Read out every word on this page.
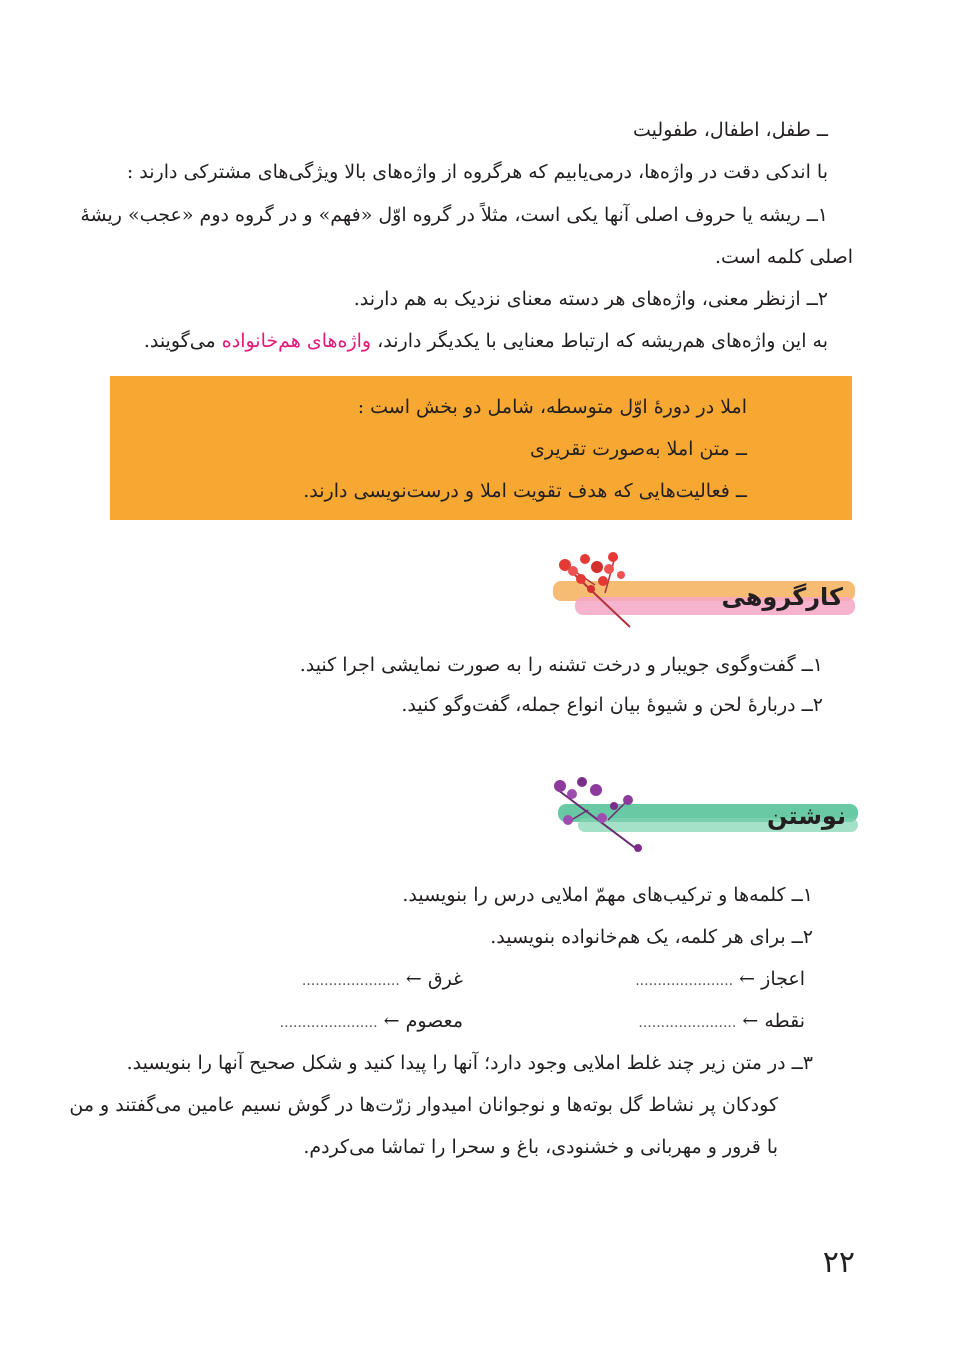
ــ طفل، اطفال، طفولیت
با اندکی دقت در واژه‌ها، درمی‌یابیم که هرگروه از واژه‌های بالا ویژگی‌های مشترکی دارند :
۱ــ ریشه یا حروف اصلی آنها یکی است، مثلاً در گروه اوّل «فهم» و در گروه دوم «عجب» ریشهٔ
اصلی کلمه است.
۲ــ ازنظر معنی، واژه‌های هر دسته معنای نزدیک به هم دارند.
به این واژه‌های هم‌ریشه که ارتباط معنایی با یکدیگر دارند، واژه‌های هم‌خانواده می‌گویند.
املا در دورهٔ اوّل متوسطه، شامل دو بخش است :
ــ متن املا به‌صورت تقریری
ــ فعالیت‌هایی که هدف تقویت املا و درست‌نویسی دارند.
کارگروهی
۱ــ گفت‌وگوی جویبار و درخت تشنه را به صورت نمایشی اجرا کنید.
۲ــ دربارهٔ لحن و شیوهٔ بیان انواع جمله، گفت‌وگو کنید.
نوشتن
۱ــ کلمه‌ها و ترکیب‌های مهمّ املایی درس را بنویسید.
۲ــ برای هر کلمه، یک هم‌خانواده بنویسید.
اعجاز ← ......................
غرق ← ......................
نقطه ← ......................
معصوم ← ......................
۳ــ در متن زیر چند غلط املایی وجود دارد؛ آنها را پیدا کنید و شکل صحیح آنها را بنویسید.
کودکان پر نشاط گل بوته‌ها و نوجوانان امیدوار زرّت‌ها در گوش نسیم عامین می‌گفتند و من
با قرور و مهربانی و خشنودی، باغ و سحرا را تماشا می‌کردم.
۲۲
